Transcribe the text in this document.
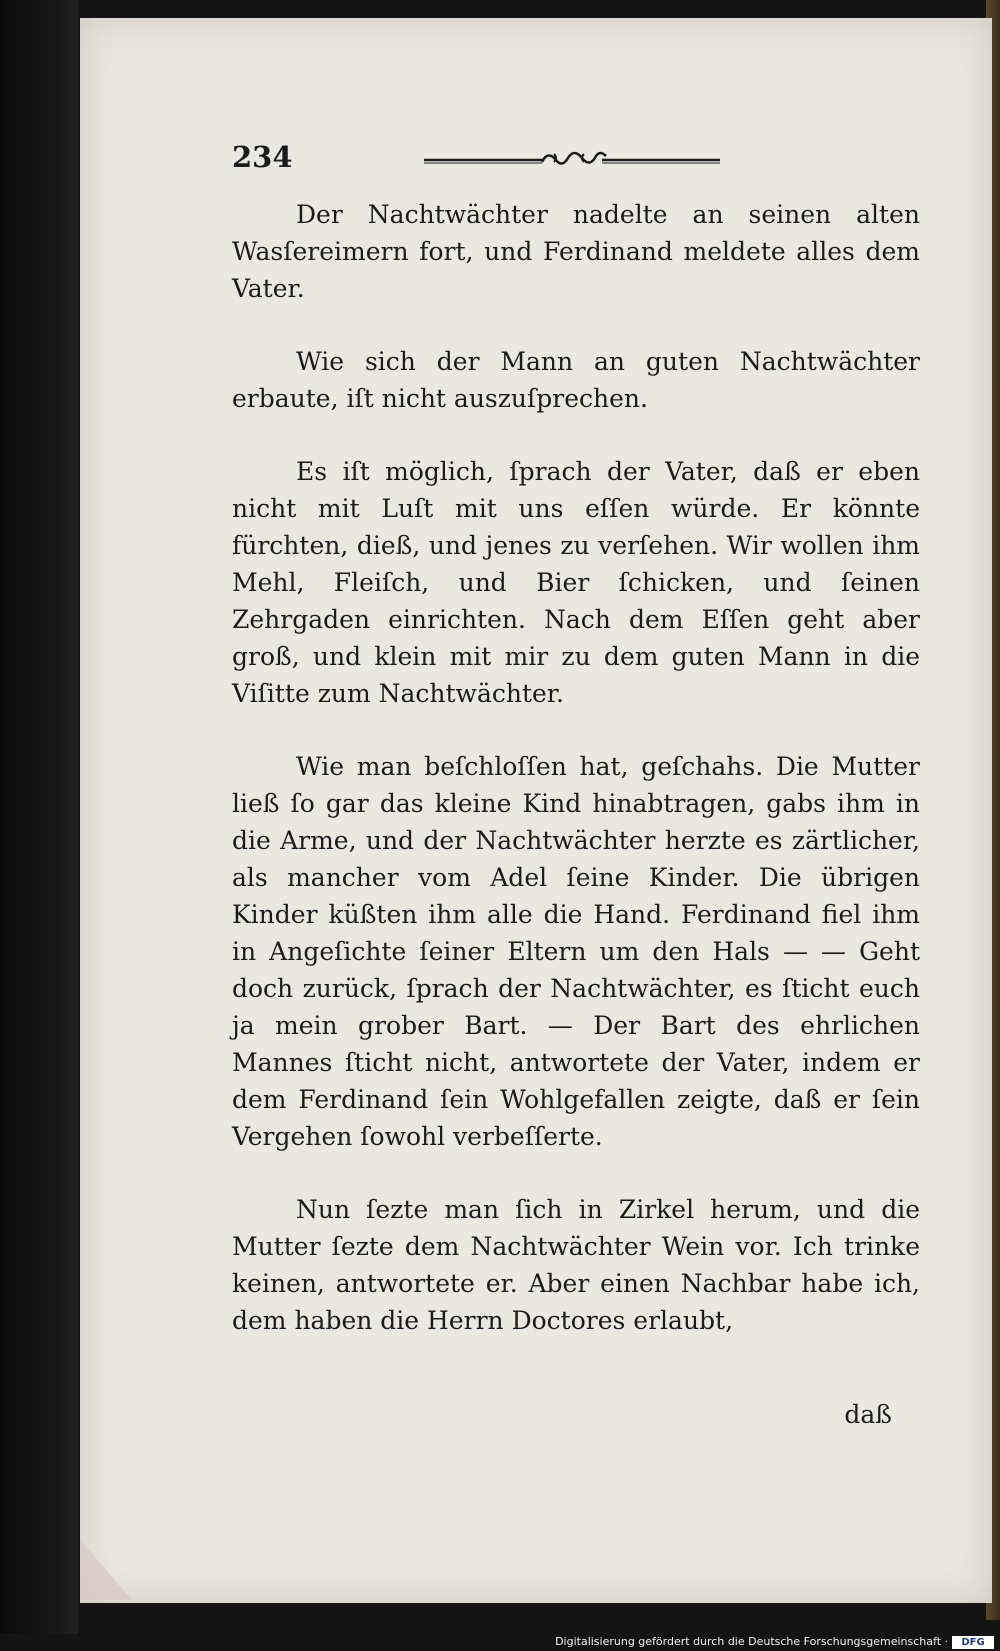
234

Der Nachtwächter nadelte an seinen alten Wasſereimern fort, und Ferdinand meldete alles dem Vater.

Wie sich der Mann an guten Nachtwächter erbaute, iſt nicht auszuſprechen.

Es iſt möglich, ſprach der Vater, daß er eben nicht mit Luſt mit uns eſſen würde. Er könnte fürchten, dieß, und jenes zu verſehen. Wir wollen ihm Mehl, Fleiſch, und Bier ſchicken, und ſeinen Zehrgaden einrichten. Nach dem Eſſen geht aber groß, und klein mit mir zu dem guten Mann in die Viſitte zum Nachtwächter.

Wie man beſchloſſen hat, geſchahs. Die Mutter ließ ſo gar das kleine Kind hinabtragen, gabs ihm in die Arme, und der Nachtwächter herzte es zärtlicher, als mancher vom Adel ſeine Kinder. Die übrigen Kinder küßten ihm alle die Hand. Ferdinand fiel ihm in Angeſichte ſeiner Eltern um den Hals — — Geht doch zurück, ſprach der Nachtwächter, es ſticht euch ja mein grober Bart. — Der Bart des ehrlichen Mannes ſticht nicht, antwortete der Vater, indem er dem Ferdinand ſein Wohlgefallen zeigte, daß er ſein Vergehen ſowohl verbeſſerte.

Nun ſezte man ſich in Zirkel herum, und die Mutter ſezte dem Nachtwächter Wein vor. Ich trinke keinen, antwortete er. Aber einen Nachbar habe ich, dem haben die Herrn Doctores erlaubt,

daß
Digitalisierung gefördert durch die Deutsche Forschungsgemeinschaft ·	DFG
